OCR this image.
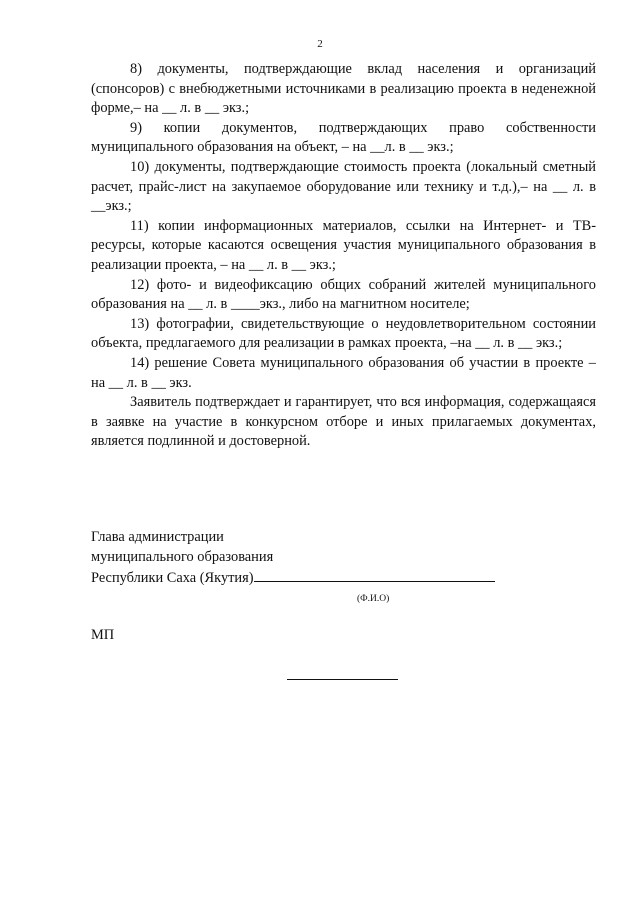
2

8) документы, подтверждающие вклад населения и организаций (спонсоров) с внебюджетными источниками в реализацию проекта в неденежной форме,– на __ л. в __ экз.;

9) копии документов, подтверждающих право собственности муниципального образования на объект, – на __л. в __ экз.;

10) документы, подтверждающие стоимость проекта (локальный сметный расчет, прайс-лист на закупаемое оборудование или технику и т.д.),– на __ л. в __экз.;

11) копии информационных материалов, ссылки на Интернет- и ТВ-ресурсы, которые касаются освещения участия муниципального образования в реализации проекта, – на __ л. в __ экз.;

12) фото- и видеофиксацию общих собраний жителей муниципального образования на __ л. в ____экз., либо на магнитном носителе;

13) фотографии, свидетельствующие о неудовлетворительном состоянии объекта, предлагаемого для реализации в рамках проекта, –на __ л. в __ экз.;

14) решение Совета муниципального образования об участии в проекте – на __ л. в __ экз.

Заявитель подтверждает и гарантирует, что вся информация, содержащаяся в заявке на участие в конкурсном отборе и иных прилагаемых документах, является подлинной и достоверной.

Глава администрации
муниципального образования
Республики Саха (Якутия)
(Ф.И.О)
МП
